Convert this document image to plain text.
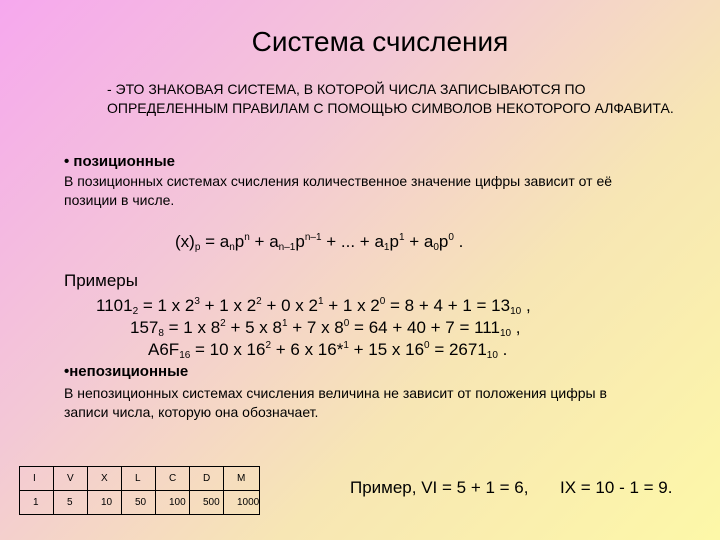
Система счисления
- ЭТО ЗНАКОВАЯ СИСТЕМА, В КОТОРОЙ ЧИСЛА ЗАПИСЫВАЮТСЯ ПО ОПРЕДЕЛЕННЫМ ПРАВИЛАМ С ПОМОЩЬЮ СИМВОЛОВ НЕКОТОРОГО АЛФАВИТА.
• позиционные
В позиционных системах счисления количественное значение цифры зависит от её позиции в числе.
$(x)_p = a_np^n + a_{n-1}p^{n-1}$ + ... + $a_1p^1 + a_0p^0$ .
Примеры
$1101_2 = 1$ x $2^3 + 1$ x $2^2 + 0$ x $2^1 + 1$ x $2^0 = 8 + 4 + 1 = 13_{10}$ ,
$157_8 = 1$ x $8^2 + 5$ x $8^1 + 7$ x $8^0 = 64 + 40 + 7 = 111_{10}$ ,
$A6F_{16} = 10$ x $16^2 + 6$ x 16*$^1$ + 15 x $16^0 = 2671_{10}$ .
•непозиционные
В непозиционных системах счисления величина не зависит от положения цифры в записи числа, которую она обозначает.
I	V	X	L	C	D	M
1	5	10	50	100	500	1000
Пример, VI = 5 + 1 = 6, IX = 10 - 1 = 9.
